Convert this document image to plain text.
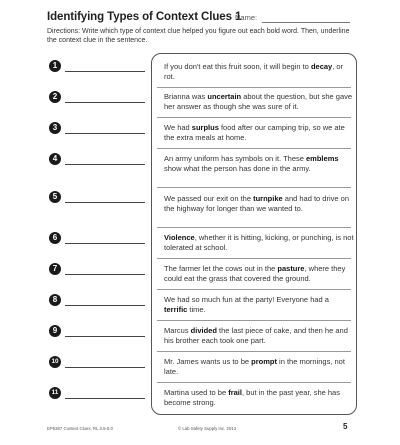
Identifying Types of Context Clues 1
Name:
Directions: Write which type of context clue helped you figure out each bold word. Then, underline the context clue in the sentence.
1	If you don't eat this fruit soon, it will begin to decay, or rot.
2	Brianna was uncertain about the question, but she gave her answer as though she was sure of it.
3	We had surplus food after our camping trip, so we ate the extra meals at home.
4	An army uniform has symbols on it. These emblems show what the person has done in the army.
5	We passed our exit on the turnpike and had to drive on the highway for longer than we wanted to.
6	Violence, whether it is hitting, kicking, or punching, is not tolerated at school.
7	The farmer let the cows out in the pasture, where they could eat the grass that covered the ground.
8	We had so much fun at the party! Everyone had a terrific time.
9	Marcus divided the last piece of cake, and then he and his brother each took one part.
10	Mr. James wants us to be prompt in the mornings, not late.
11	Martina used to be frail, but in the past year, she has become strong.
EP5367 Context Clues, RL.3.5-5.0	© Lab Safety Supply Inc. 2013	5
